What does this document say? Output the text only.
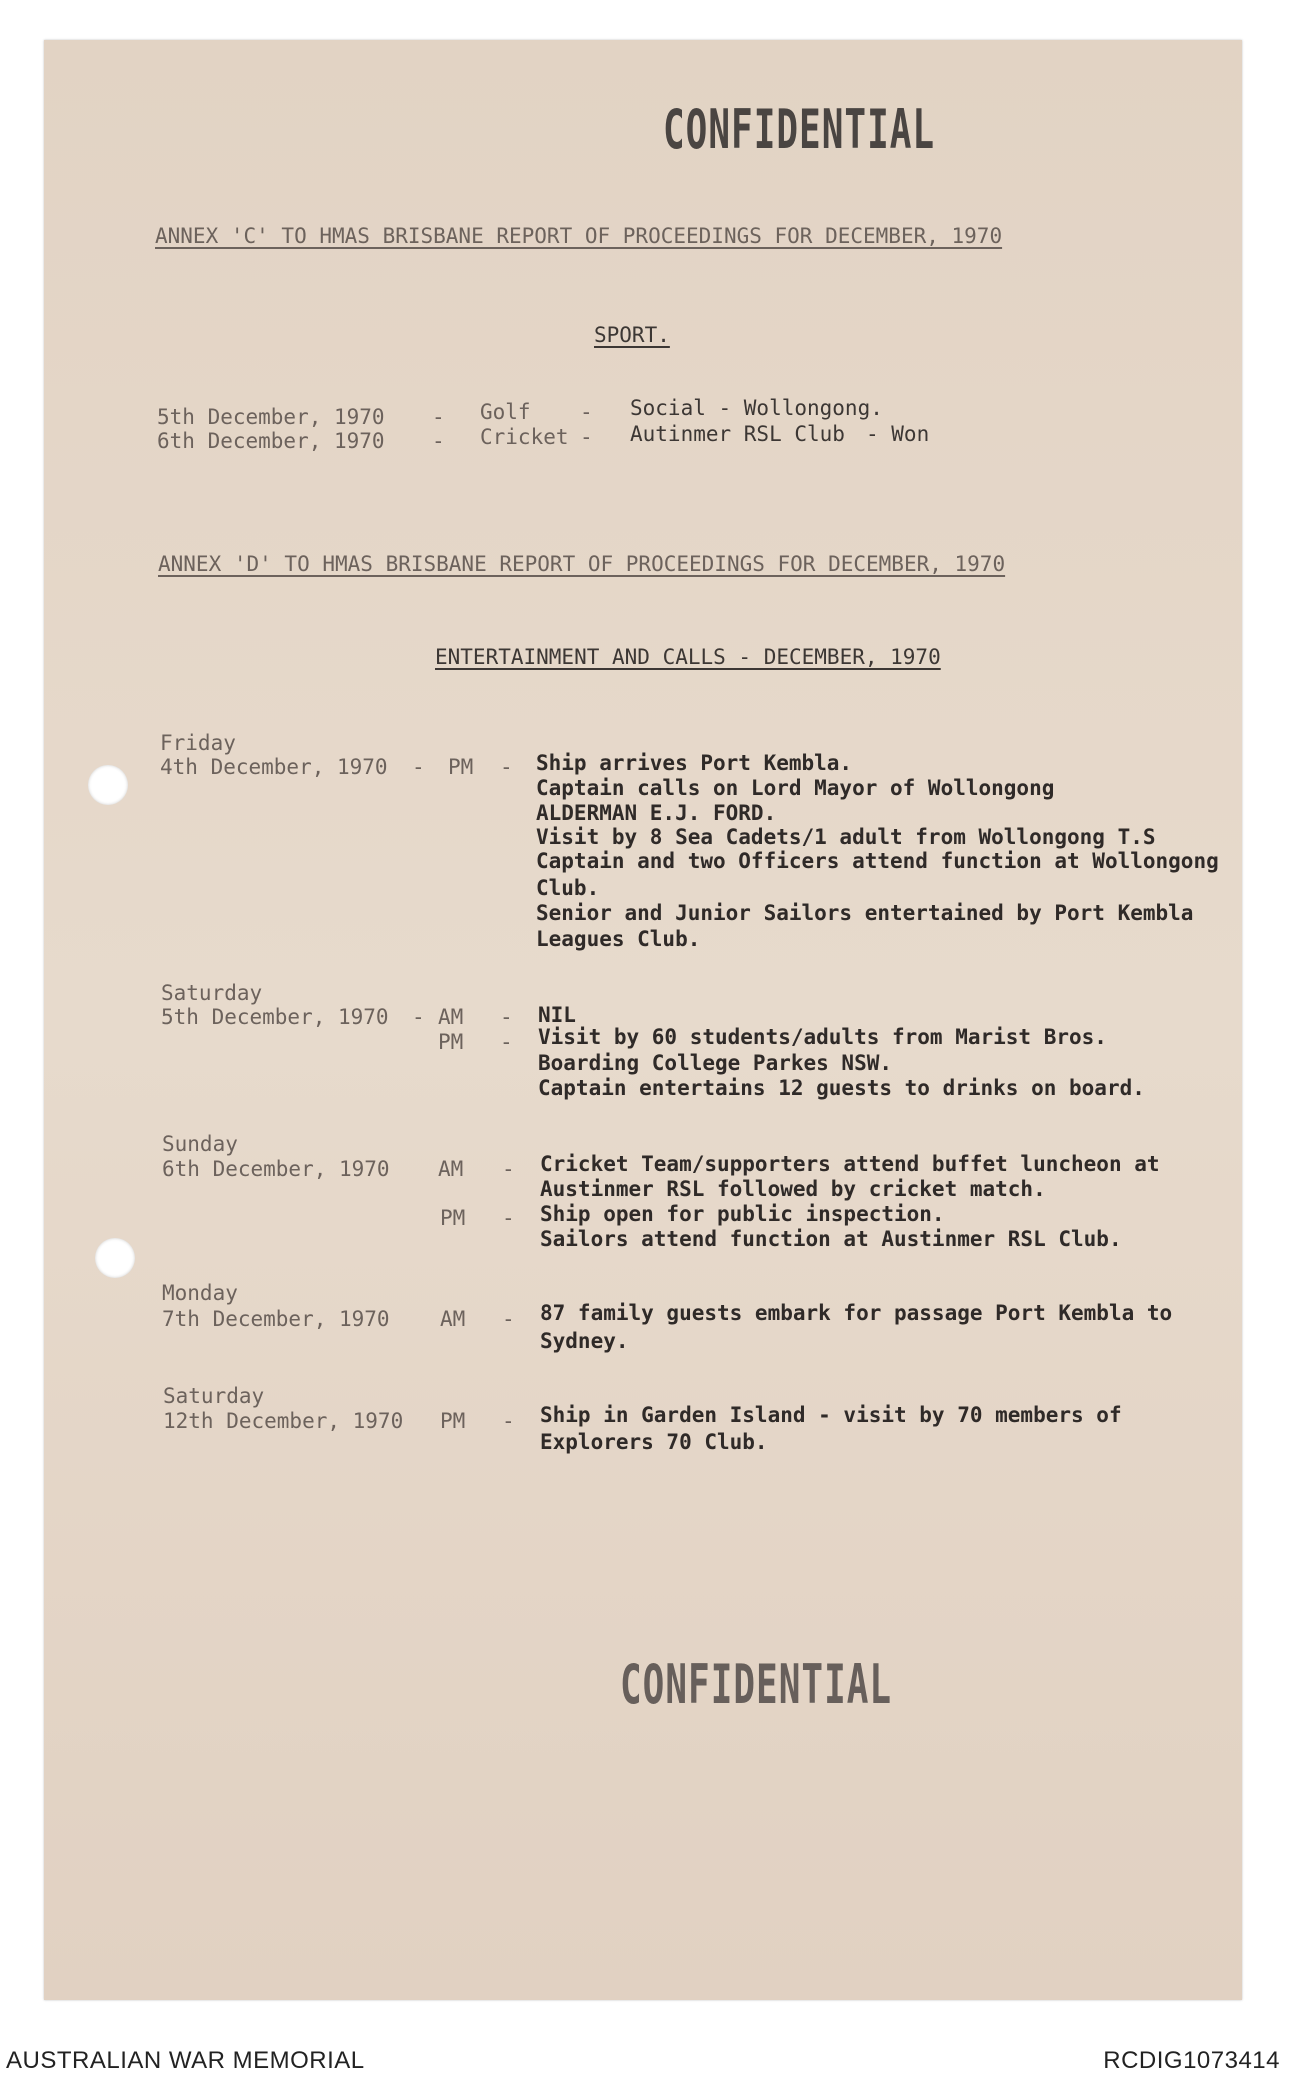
CONFIDENTIAL
ANNEX 'C' TO HMAS BRISBANE REPORT OF PROCEEDINGS FOR DECEMBER, 1970
SPORT.
5th December, 1970 - Golf - Social - Wollongong.
6th December, 1970 - Cricket - Autinmer RSL Club - Won
ANNEX 'D' TO HMAS BRISBANE REPORT OF PROCEEDINGS FOR DECEMBER, 1970
ENTERTAINMENT AND CALLS - DECEMBER, 1970
Friday
4th December, 1970 - PM - Ship arrives Port Kembla.
Captain calls on Lord Mayor of Wollongong
ALDERMAN E.J. FORD.
Visit by 8 Sea Cadets/1 adult from Wollongong T.S
Captain and two Officers attend function at Wollongong
Club.
Senior and Junior Sailors entertained by Port Kembla
Leagues Club.
Saturday
5th December, 1970 - AM - NIL
PM - Visit by 60 students/adults from Marist Bros.
Boarding College Parkes NSW.
Captain entertains 12 guests to drinks on board.
Sunday
6th December, 1970 AM - Cricket Team/supporters attend buffet luncheon at
Austinmer RSL followed by cricket match.
PM - Ship open for public inspection.
Sailors attend function at Austinmer RSL Club.
Monday
7th December, 1970 AM - 87 family guests embark for passage Port Kembla to
Sydney.
Saturday
12th December, 1970 PM - Ship in Garden Island - visit by 70 members of
Explorers 70 Club.
CONFIDENTIAL
AUSTRALIAN WAR MEMORIAL	RCDIG1073414
